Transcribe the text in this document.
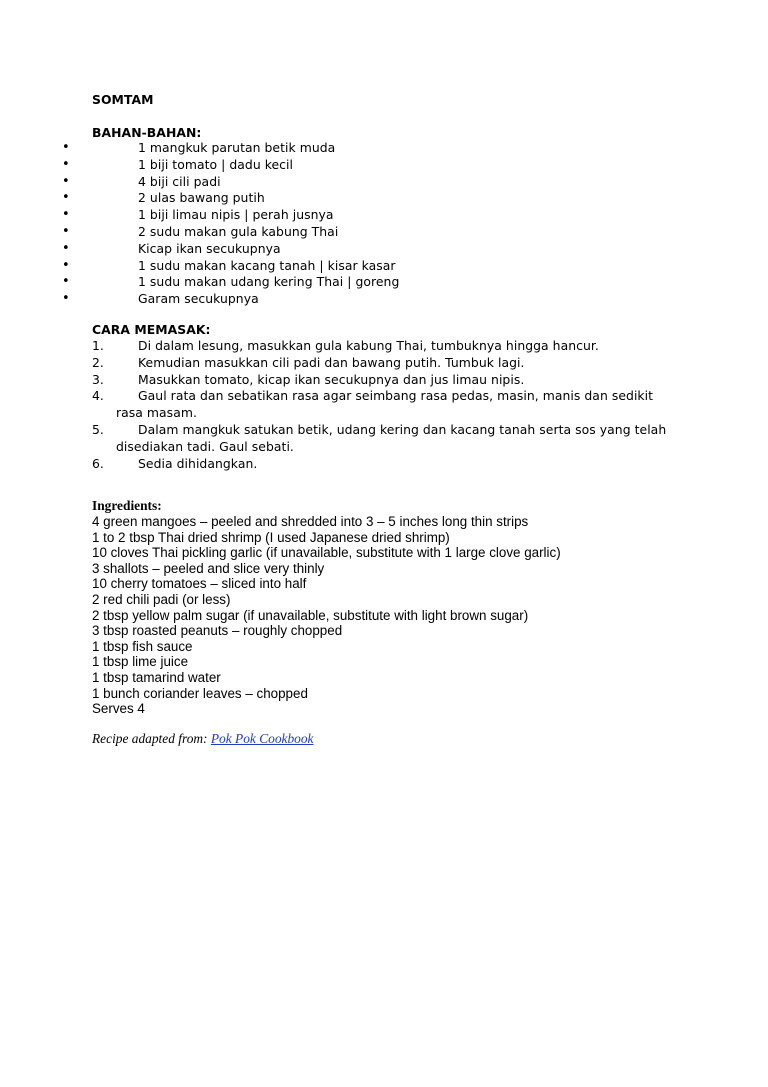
SOMTAM
BAHAN-BAHAN:
•	1 mangkuk parutan betik muda
•	1 biji tomato | dadu kecil
•	4 biji cili padi
•	2 ulas bawang putih
•	1 biji limau nipis | perah jusnya
•	2 sudu makan gula kabung Thai
•	Kicap ikan secukupnya
•	1 sudu makan kacang tanah | kisar kasar
•	1 sudu makan udang kering Thai | goreng
•	Garam secukupnya
CARA MEMASAK:
1.	Di dalam lesung, masukkan gula kabung Thai, tumbuknya hingga hancur.
2.	Kemudian masukkan cili padi dan bawang putih. Tumbuk lagi.
3.	Masukkan tomato, kicap ikan secukupnya dan jus limau nipis.
4.	Gaul rata dan sebatikan rasa agar seimbang rasa pedas, masin, manis dan sedikit rasa masam.
5.	Dalam mangkuk satukan betik, udang kering dan kacang tanah serta sos yang telah disediakan tadi. Gaul sebati.
6.	Sedia dihidangkan.
Ingredients:
4 green mangoes – peeled and shredded into 3 – 5 inches long thin strips
1 to 2 tbsp Thai dried shrimp (I used Japanese dried shrimp)
10 cloves Thai pickling garlic (if unavailable, substitute with 1 large clove garlic)
3 shallots – peeled and slice very thinly
10 cherry tomatoes – sliced into half
2 red chili padi (or less)
2 tbsp yellow palm sugar (if unavailable, substitute with light brown sugar)
3 tbsp roasted peanuts – roughly chopped
1 tbsp fish sauce
1 tbsp lime juice
1 tbsp tamarind water
1 bunch coriander leaves – chopped
Serves 4
Recipe adapted from: Pok Pok Cookbook
